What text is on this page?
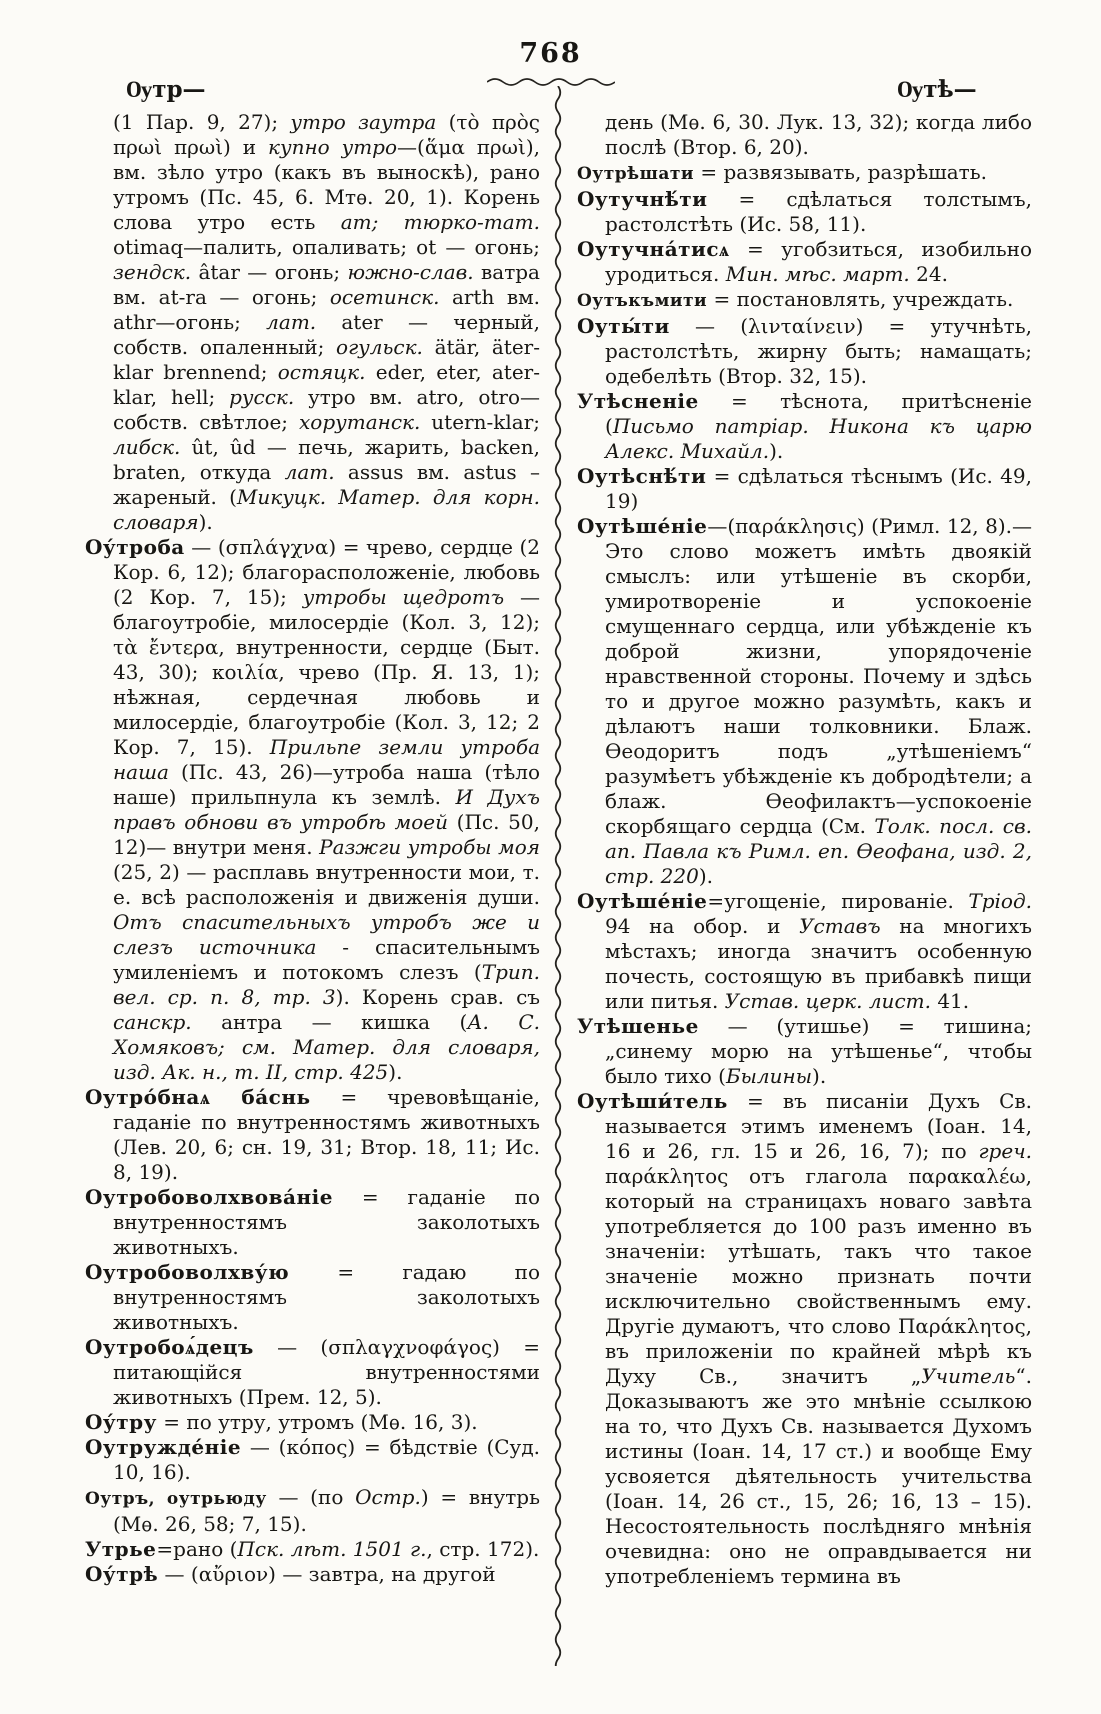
768
Ѹтр—	Ѹтѣ—

(1 Пар. 9, 27); утро заутра (τὸ πρὸς πρωὶ πρωὶ) и купно утро—(ἅμα πρωὶ), вм. зѣло утро (какъ въ выноскѣ), рано утромъ (Пс. 45, 6. Мтѳ. 20, 1). Корень слова утро есть ат; тюрко-тат. otimaq—палить, опаливать; ot — огонь; зендск. âtar — огонь; южно-слав. ватра вм. at-ra — огонь; осетинск. arth вм. athr—огонь; лат. ater — черный, собств. опаленный; огульск. ätär, äter-klar brennend; остяцк. eder, eter, ater-klar, hell; русск. утро вм. atro, otro—собств. свѣтлое; хорутанск. utern-klar; либск. ût, ûd — печь, жарить, backen, braten, откуда лат. assus вм. astus – жареный. (Микуцк. Матер. для корн. словаря).

Оу́троба — (σπλάγχνα) = чрево, сердце (2 Кор. 6, 12); благорасположеніе, любовь (2 Кор. 7, 15); утробы щедротъ — благоутробіе, милосердіе (Кол. 3, 12); τὰ ἔντερα, внутренности, сердце (Быт. 43, 30); κοιλία, чрево (Пр. Я. 13, 1); нѣжная, сердечная любовь и милосердіе, благоутробіе (Кол. 3, 12; 2 Кор. 7, 15). Прильпе земли утроба наша (Пс. 43, 26)—утроба наша (тѣло наше) прильпнула къ землѣ. И Духъ правъ обнови въ утробѣ моей (Пс. 50, 12)— внутри меня. Разжги утробы моя (25, 2) — расплавь внутренности мои, т. е. всѣ расположенія и движенія души. Отъ спасительныхъ утробъ же и слезъ источника - спасительнымъ умиленіемъ и потокомъ слезъ (Трип. вел. ср. п. 8, тр. 3). Корень срав. съ санскр. антра — кишка (А. С. Хомяковъ; см. Матер. для словаря, изд. Ак. н., т. II, стр. 425).

Оутро́бнаѧ ба́снь = чревовѣщаніе, гаданіе по внутренностямъ животныхъ (Лев. 20, 6; сн. 19, 31; Втор. 18, 11; Ис. 8, 19).

Оутробоволхвова́ніе = гаданіе по внутренностямъ заколотыхъ животныхъ.

Оутробоволхву́ю = гадаю по внутренностямъ заколотыхъ животныхъ.

Оутробоѧ́децъ — (σπλαγχνοφάγος) = питающійся внутренностями животныхъ (Прем. 12, 5).

Оу́тру = по утру, утромъ (Мѳ. 16, 3).

Оутружде́ніе — (κόπος) = бѣдствіе (Суд. 10, 16).

Оутръ, оутрьюду — (по Остр.) = внутрь (Мѳ. 26, 58; 7, 15).

Утрье=рано (Пск. лѣт. 1501 г., стр. 172).

Оу́трѣ — (αὔριον) — завтра, на другой

день (Мѳ. 6, 30. Лук. 13, 32); когда либо послѣ (Втор. 6, 20).

Оутрѣшати = развязывать, разрѣшать.

Оутучнѣ́ти = сдѣлаться толстымъ, растолстѣть (Ис. 58, 11).

Оутучна́тисѧ = угобзиться, изобильно уродиться. Мин. мѣс. март. 24.

Оутъкъмити = постановлять, учреждать.

Оуты́ти — (λινταίνειν) = утучнѣть, растолстѣть, жирну быть; намащать; одебелѣть (Втор. 32, 15).

Утѣсненіе = тѣснота, притѣсненіе (Письмо патріар. Никона къ царю Алекс. Михайл.).

Оутѣснѣ́ти = сдѣлаться тѣснымъ (Ис. 49, 19)

Оутѣше́ніе—(παράκλησις) (Римл. 12, 8).— Это слово можетъ имѣть двоякій смыслъ: или утѣшеніе въ скорби, умиротвореніе и успокоеніе смущеннаго сердца, или убѣжденіе къ доброй жизни, упорядоченіе нравственной стороны. Почему и здѣсь то и другое можно разумѣть, какъ и дѣлаютъ наши толковники. Блаж. Ѳеодоритъ подъ „утѣшеніемъ“ разумѣетъ убѣжденіе къ добродѣтели; а блаж. Ѳеофилактъ—успокоеніе скорбящаго сердца (См. Толк. посл. св. ап. Павла къ Римл. еп. Ѳеофана, изд. 2, стр. 220).

Оутѣше́ніе=угощеніе, пированіе. Тріод. 94 на обор. и Уставъ на многихъ мѣстахъ; иногда значитъ особенную почесть, состоящую въ прибавкѣ пищи или питья. Устав. церк. лист. 41.

Утѣшенье — (утишье) = тишина; „синему морю на утѣшенье“, чтобы было тихо (Былины).

Оутѣши́тель = въ писаніи Духъ Св. называется этимъ именемъ (Іоан. 14, 16 и 26, гл. 15 и 26, 16, 7); по греч. παράκλητος отъ глагола παρακαλέω, который на страницахъ новаго завѣта употребляется до 100 разъ именно въ значеніи: утѣшать, такъ что такое значеніе можно признать почти исключительно свойственнымъ ему. Другіе думаютъ, что слово Παράκλητος, въ приложеніи по крайней мѣрѣ къ Духу Св., значитъ „Учитель“. Доказываютъ же это мнѣніе ссылкою на то, что Духъ Св. называется Духомъ истины (Іоан. 14, 17 ст.) и вообще Ему усвояется дѣятельность учительства (Іоан. 14, 26 ст., 15, 26; 16, 13 – 15). Несостоятельность послѣдняго мнѣнія очевидна: оно не оправдывается ни употребленіемъ термина въ
